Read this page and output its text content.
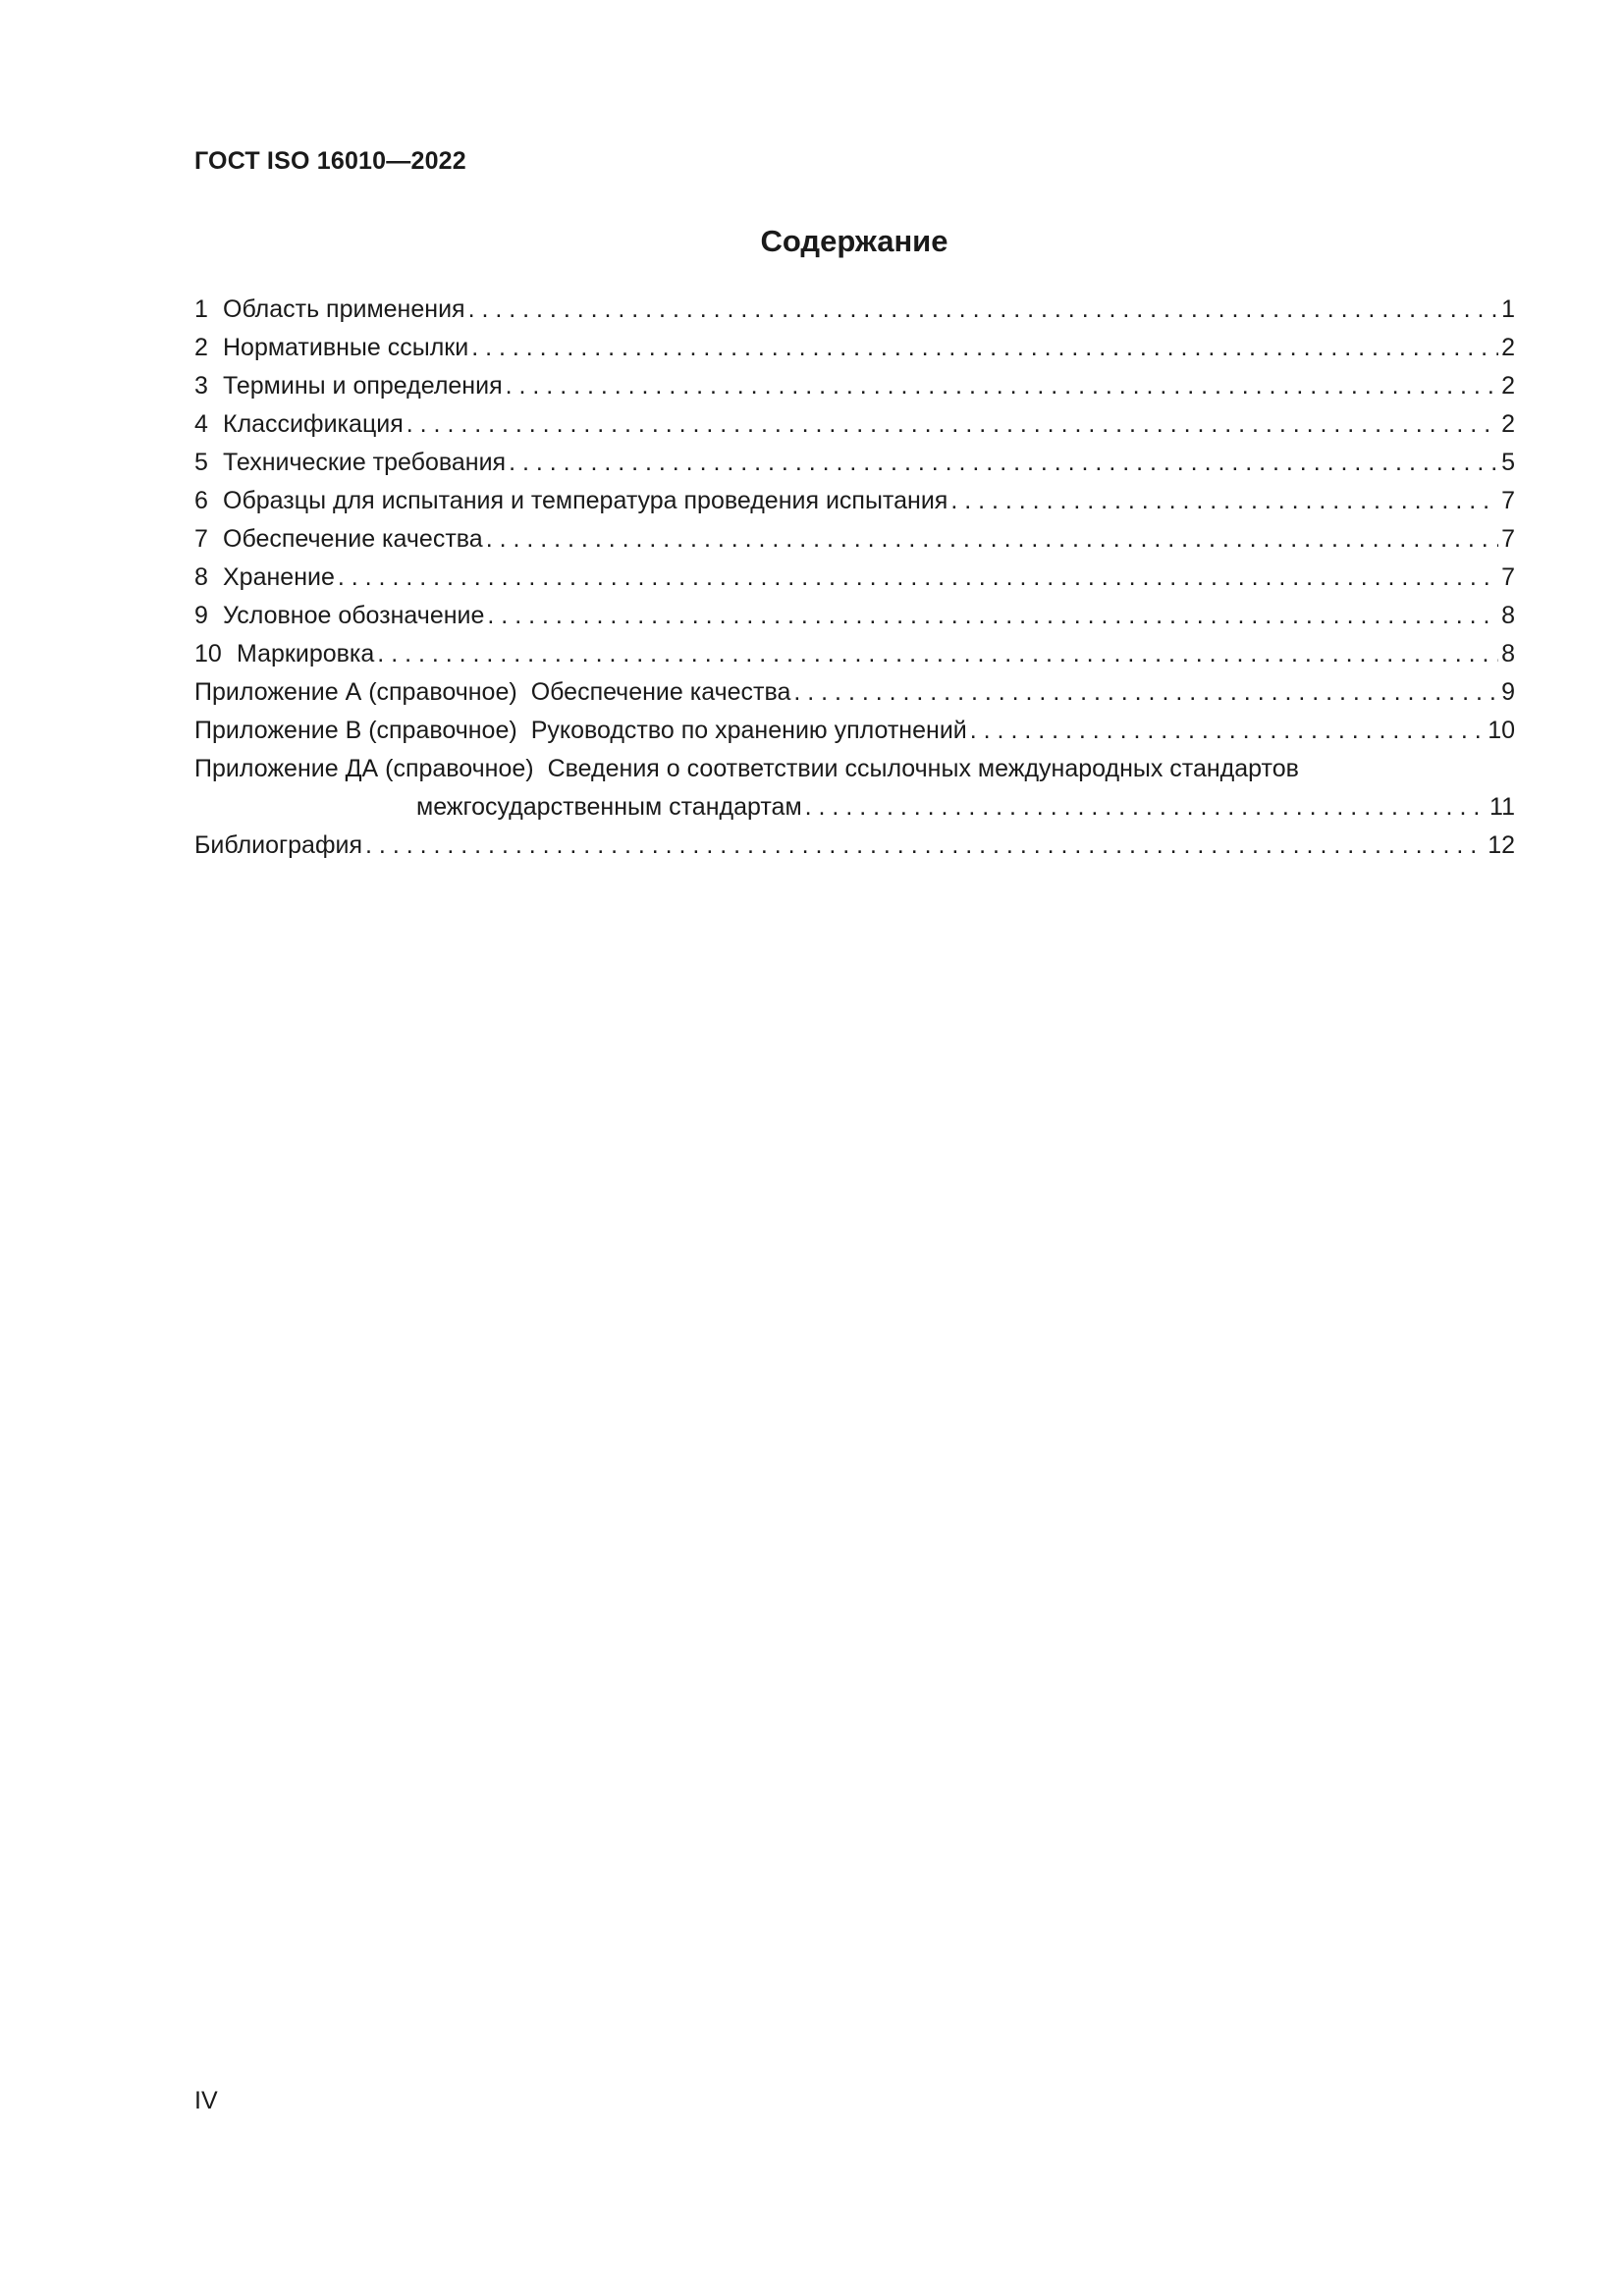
ГОСТ ISO 16010—2022
Содержание
1 Область применения . . .	1
2 Нормативные ссылки . . .	2
3 Термины и определения . . .	2
4 Классификация . . .	2
5 Технические требования . . .	5
6 Образцы для испытания и температура проведения испытания . . .	7
7 Обеспечение качества . . .	7
8 Хранение . . .	7
9 Условное обозначение . . .	8
10 Маркировка . . .	8
Приложение А (справочное) Обеспечение качества . . .	9
Приложение В (справочное) Руководство по хранению уплотнений . . .	10
Приложение ДА (справочное) Сведения о соответствии ссылочных международных стандартов
межгосударственным стандартам . . .	11
Библиография . . .	12
IV
